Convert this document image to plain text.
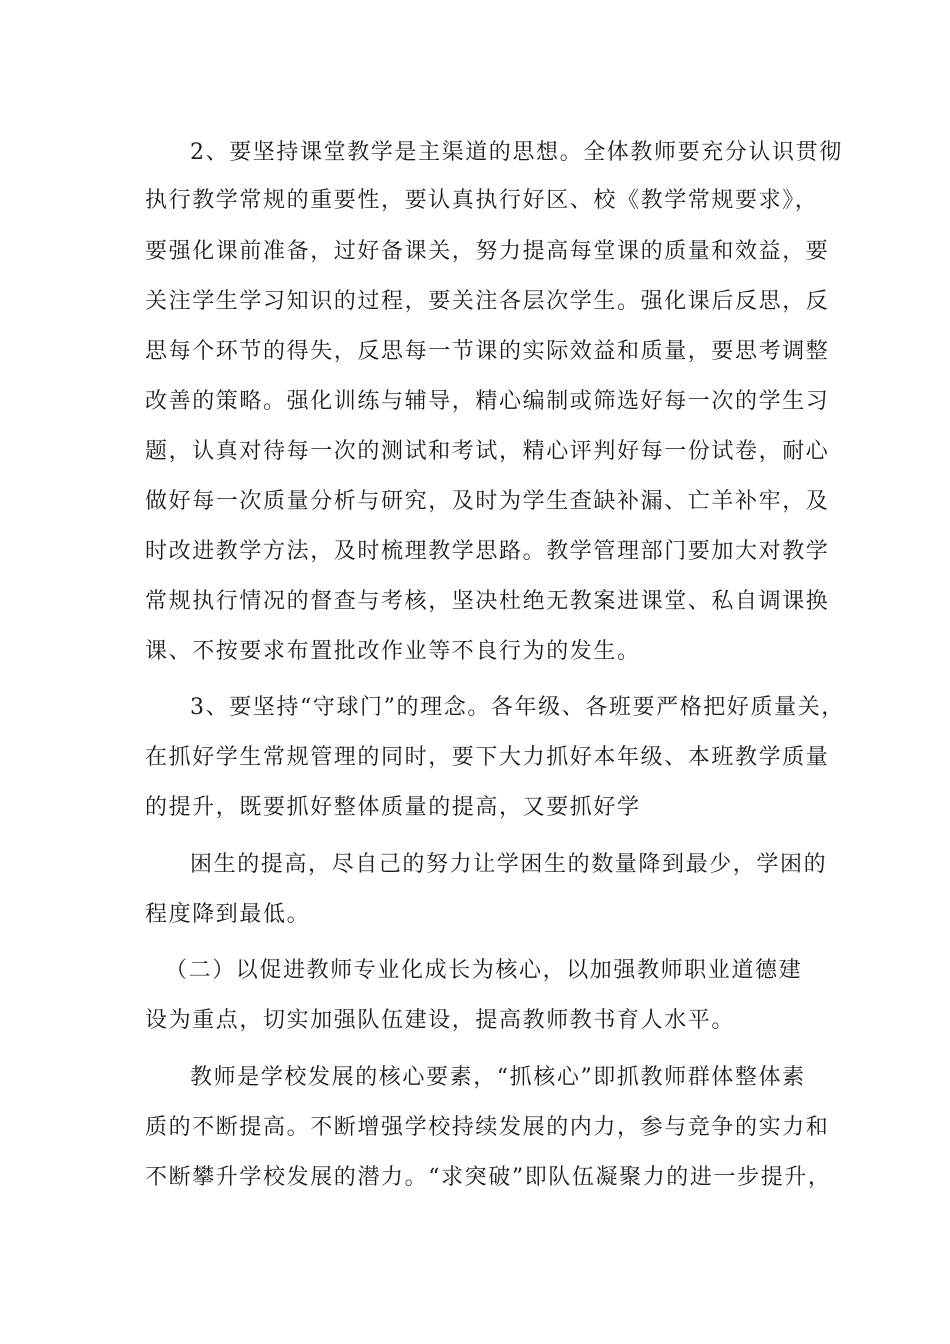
2、要坚持课堂教学是主渠道的思想。全体教师要充分认识贯彻
执行教学常规的重要性，要认真执行好区、校《教学常规要求》，
要强化课前准备，过好备课关，努力提高每堂课的质量和效益，要
关注学生学习知识的过程，要关注各层次学生。强化课后反思，反
思每个环节的得失，反思每一节课的实际效益和质量，要思考调整
改善的策略。强化训练与辅导，精心编制或筛选好每一次的学生习
题，认真对待每一次的测试和考试，精心评判好每一份试卷，耐心
做好每一次质量分析与研究，及时为学生查缺补漏、亡羊补牢，及
时改进教学方法，及时梳理教学思路。教学管理部门要加大对教学
常规执行情况的督查与考核，坚决杜绝无教案进课堂、私自调课换
课、不按要求布置批改作业等不良行为的发生。
3、要坚持“守球门”的理念。各年级、各班要严格把好质量关，
在抓好学生常规管理的同时，要下大力抓好本年级、本班教学质量
的提升，既要抓好整体质量的提高，又要抓好学
困生的提高，尽自己的努力让学困生的数量降到最少，学困的
程度降到最低。
（二）以促进教师专业化成长为核心，以加强教师职业道德建
设为重点，切实加强队伍建设，提高教师教书育人水平。
教师是学校发展的核心要素，“抓核心”即抓教师群体整体素
质的不断提高。不断增强学校持续发展的内力，参与竞争的实力和
不断攀升学校发展的潜力。“求突破”即队伍凝聚力的进一步提升，
